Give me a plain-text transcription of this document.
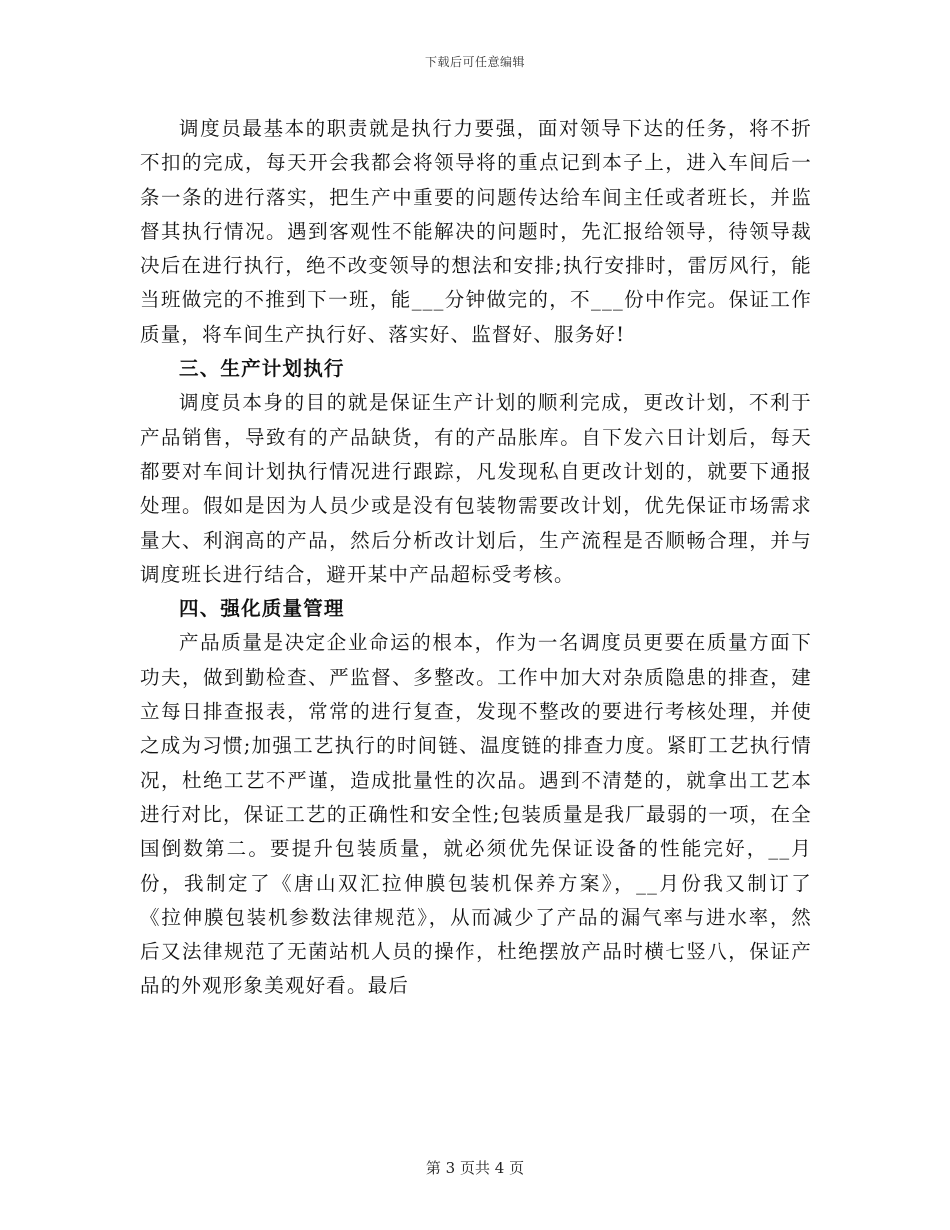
下载后可任意编辑

调度员最基本的职责就是执行力要强，面对领导下达的任务，将不折不扣的完成，每天开会我都会将领导将的重点记到本子上，进入车间后一条一条的进行落实，把生产中重要的问题传达给车间主任或者班长，并监督其执行情况。遇到客观性不能解决的问题时，先汇报给领导，待领导裁决后在进行执行，绝不改变领导的想法和安排;执行安排时，雷厉风行，能当班做完的不推到下一班，能___分钟做完的，不___份中作完。保证工作质量，将车间生产执行好、落实好、监督好、服务好!

三、生产计划执行

调度员本身的目的就是保证生产计划的顺利完成，更改计划，不利于产品销售，导致有的产品缺货，有的产品胀库。自下发六日计划后，每天都要对车间计划执行情况进行跟踪，凡发现私自更改计划的，就要下通报处理。假如是因为人员少或是没有包装物需要改计划，优先保证市场需求量大、利润高的产品，然后分析改计划后，生产流程是否顺畅合理，并与调度班长进行结合，避开某中产品超标受考核。

四、强化质量管理

产品质量是决定企业命运的根本，作为一名调度员更要在质量方面下功夫，做到勤检查、严监督、多整改。工作中加大对杂质隐患的排查，建立每日排查报表，常常的进行复查，发现不整改的要进行考核处理，并使之成为习惯;加强工艺执行的时间链、温度链的排查力度。紧盯工艺执行情况，杜绝工艺不严谨，造成批量性的次品。遇到不清楚的，就拿出工艺本进行对比，保证工艺的正确性和安全性;包装质量是我厂最弱的一项，在全国倒数第二。要提升包装质量，就必须优先保证设备的性能完好，__月份，我制定了《唐山双汇拉伸膜包装机保养方案》，__月份我又制订了《拉伸膜包装机参数法律规范》，从而减少了产品的漏气率与进水率，然后又法律规范了无菌站机人员的操作，杜绝摆放产品时横七竖八，保证产品的外观形象美观好看。最后

第 3 页共 4 页
